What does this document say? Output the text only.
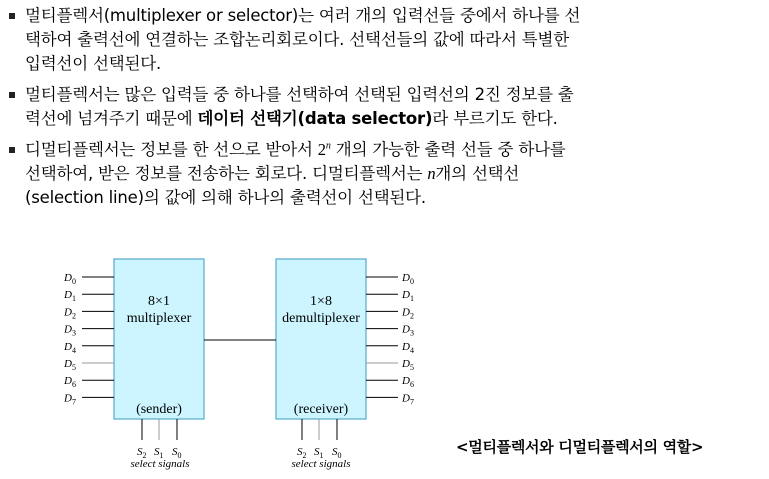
멀티플렉서(multiplexer or selector)는 여러 개의 입력선들 중에서 하나를 선
택하여 출력선에 연결하는 조합논리회로이다. 선택선들의 값에 따라서 특별한
입력선이 선택된다.
멀티플렉서는 많은 입력들 중 하나를 선택하여 선택된 입력선의 2진 정보를 출
력선에 넘겨주기 때문에 데이터 선택기(data selector)라 부르기도 한다.
디멀티플렉서는 정보를 한 선으로 받아서 2$^n$ 개의 가능한 출력 선들 중 하나를
선택하여, 받은 정보를 전송하는 회로다. 디멀티플렉서는 n개의 선택선
(selection line)의 값에 의해 하나의 출력선이 선택된다.
8×1
multiplexer
(sender)
$D_0$
$D_1$
$D_2$
$D_3$
$D_4$
$D_5$
$D_6$
$D_7$
$S_2$ $S_1$ $S_0$
select signals
1×8
demultiplexer
(receiver)
$D_0$
$D_1$
$D_2$
$D_3$
$D_4$
$D_5$
$D_6$
$D_7$
$S_2$ $S_1$ $S_0$
select signals
<멀티플렉서와 디멀티플렉서의 역할>
